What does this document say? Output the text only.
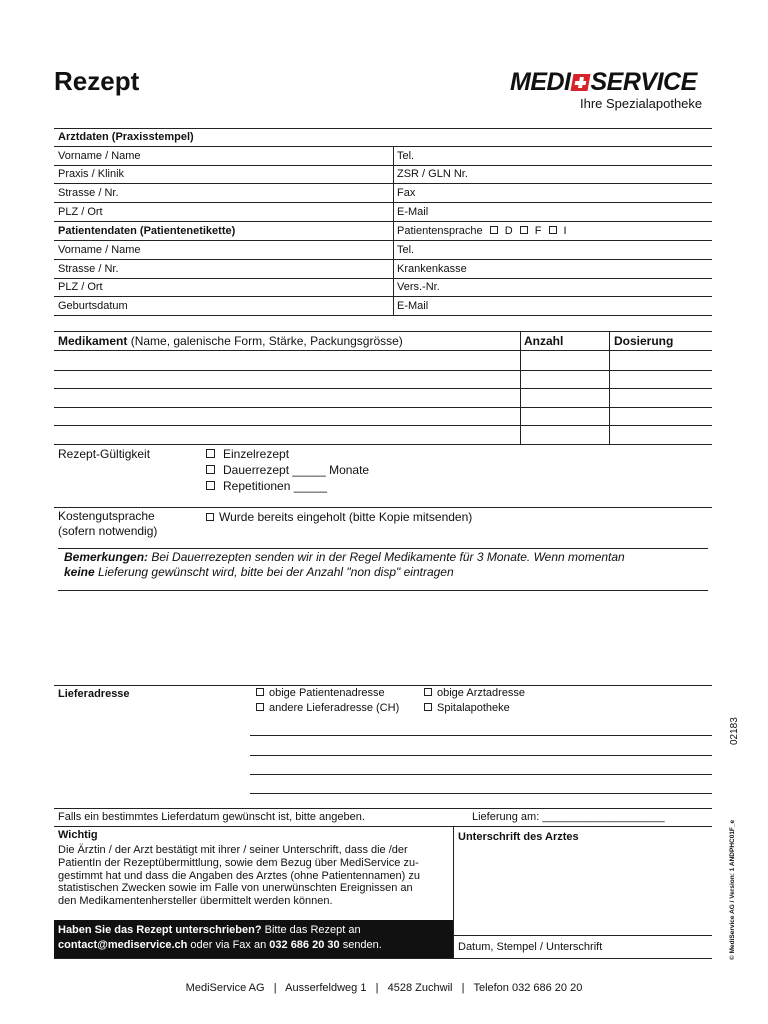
Rezept	MEDI SERVICE
Ihre Spezialapotheke
Arztdaten (Praxisstempel)
Vorname / Name	Tel.
Praxis / Klinik	ZSR / GLN Nr.
Strasse / Nr.	Fax
PLZ / Ort	E-Mail
Patientendaten (Patientenetikette)	Patientensprache D F I
Vorname / Name	Tel.
Strasse / Nr.	Krankenkasse
PLZ / Ort	Vers.-Nr.
Geburtsdatum	E-Mail
Medikament (Name, galenische Form, Stärke, Packungsgrösse)	Anzahl	Dosierung
Rezept-Gültigkeit	Einzelrezept
Dauerrezept _____ Monate
Repetitionen _____
Kostengutsprache
(sofern notwendig)
Wurde bereits eingeholt (bitte Kopie mitsenden)
Bemerkungen: Bei Dauerrezepten senden wir in der Regel Medikamente für 3 Monate. Wenn momentan
keine Lieferung gewünscht wird, bitte bei der Anzahl "non disp" eintragen
Lieferadresse	obige Patientenadresse	obige Arztadresse
andere Lieferadresse (CH)	Spitalapotheke
Falls ein bestimmtes Lieferdatum gewünscht ist, bitte angeben.	Lieferung am: ____________________
Wichtig
Die Ärztin / der Arzt bestätigt mit ihrer / seiner Unterschrift, dass die /der
PatientIn der Rezeptübermittlung, sowie dem Bezug über MediService zu-
gestimmt hat und dass die Angaben des Arztes (ohne Patientennamen) zu
statistischen Zwecken sowie im Falle von unerwünschten Ereignissen an
den Medikamentenhersteller übermittelt werden können.
Haben Sie das Rezept unterschrieben? Bitte das Rezept an
contact@mediservice.ch oder via Fax an 032 686 20 30 senden.
Unterschrift des Arztes
Datum, Stempel / Unterschrift
02183
© MediService AG / Version: 1 ANDPHC01F_e
MediService AG   |   Ausserfeldweg 1   |   4528 Zuchwil   |   Telefon 032 686 20 20
